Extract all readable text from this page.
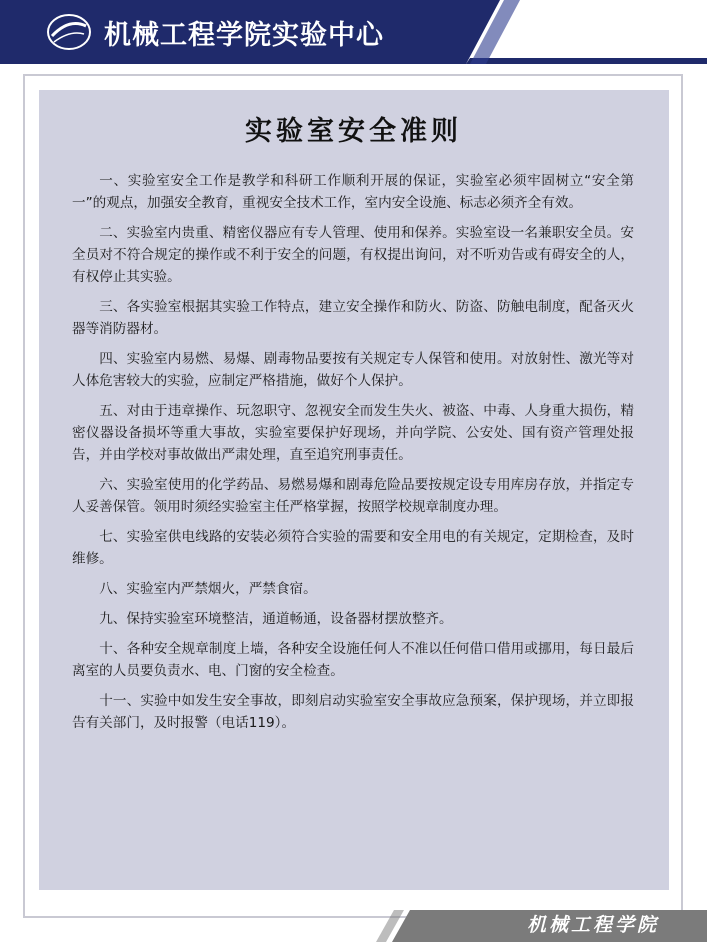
机械工程学院实验中心
实验室安全准则

一、实验室安全工作是教学和科研工作顺利开展的保证，实验室必须牢固树立“安全第一”的观点，加强安全教育，重视安全技术工作，室内安全设施、标志必须齐全有效。

二、实验室内贵重、精密仪器应有专人管理、使用和保养。实验室设一名兼职安全员。安全员对不符合规定的操作或不利于安全的问题，有权提出询问，对不听劝告或有碍安全的人，有权停止其实验。

三、各实验室根据其实验工作特点，建立安全操作和防火、防盗、防触电制度，配备灭火器等消防器材。

四、实验室内易燃、易爆、剧毒物品要按有关规定专人保管和使用。对放射性、激光等对人体危害较大的实验，应制定严格措施，做好个人保护。

五、对由于违章操作、玩忽职守、忽视安全而发生失火、被盗、中毒、人身重大损伤，精密仪器设备损坏等重大事故，实验室要保护好现场，并向学院、公安处、国有资产管理处报告，并由学校对事故做出严肃处理，直至追究刑事责任。

六、实验室使用的化学药品、易燃易爆和剧毒危险品要按规定设专用库房存放，并指定专人妥善保管。领用时须经实验室主任严格掌握，按照学校规章制度办理。

七、实验室供电线路的安装必须符合实验的需要和安全用电的有关规定，定期检查，及时维修。

八、实验室内严禁烟火，严禁食宿。

九、保持实验室环境整洁，通道畅通，设备器材摆放整齐。

十、各种安全规章制度上墙，各种安全设施任何人不准以任何借口借用或挪用，每日最后离室的人员要负责水、电、门窗的安全检查。

十一、实验中如发生安全事故，即刻启动实验室安全事故应急预案，保护现场，并立即报告有关部门，及时报警（电话119）。

机械工程学院
